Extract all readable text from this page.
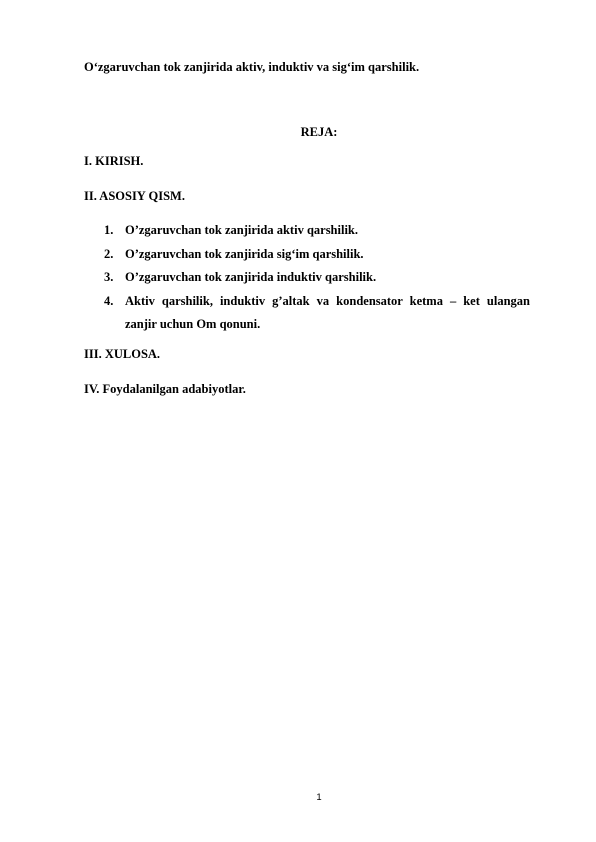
O‘zgaruvchan tok zanjirida aktiv, induktiv va sig‘im qarshilik.
REJA:
I. KIRISH.
II. ASOSIY QISM.
1. O’zgaruvchan tok zanjirida aktiv qarshilik.
2. O’zgaruvchan tok zanjirida sig‘im qarshilik.
3. O’zgaruvchan tok zanjirida induktiv qarshilik.
4. Aktiv qarshilik, induktiv g’altak va kondensator ketma – ket ulangan zanjir uchun Om qonuni.
III. XULOSA.
IV. Foydalanilgan adabiyotlar.
1
